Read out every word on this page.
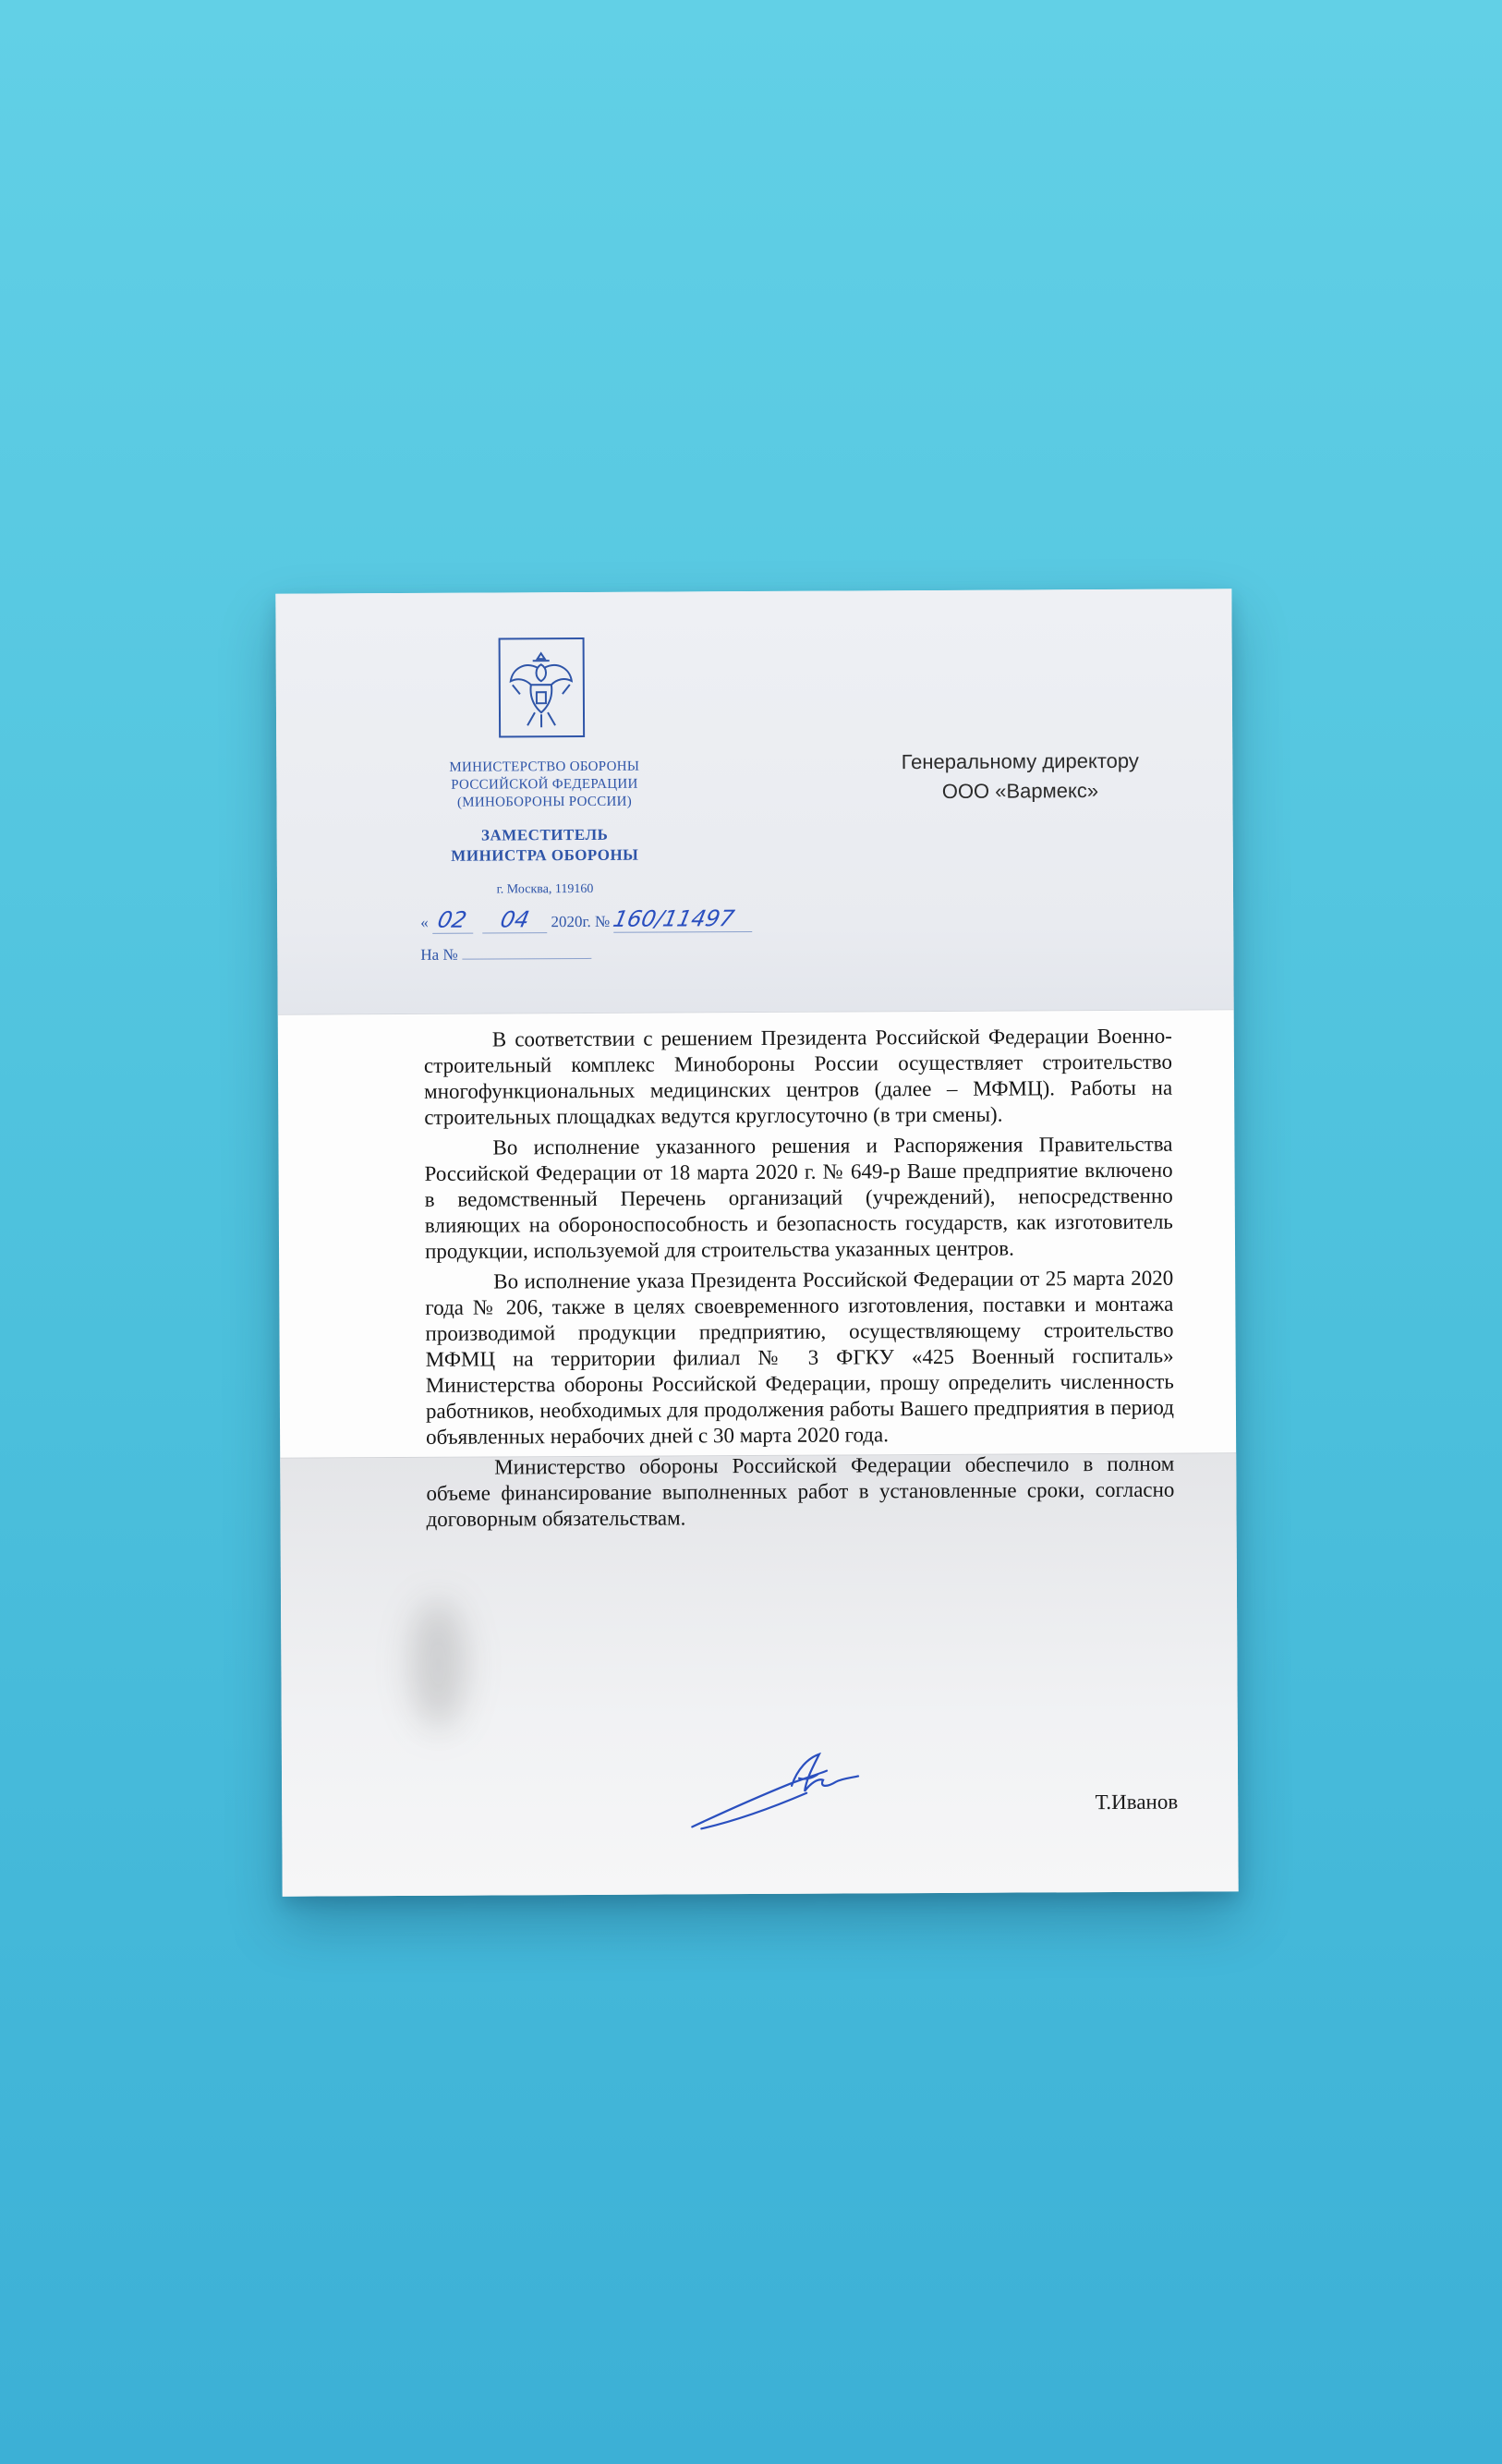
МИНИСТЕРСТВО ОБОРОНЫ
РОССИЙСКОЙ ФЕДЕРАЦИИ
(МИНОБОРОНЫ РОССИИ)
ЗАМЕСТИТЕЛЬ
МИНИСТРА ОБОРОНЫ
г. Москва, 119160
« 02 04 2020г. № 160/11497
На №
Генеральному директору
ООО «Вармекс»

В соответствии с решением Президента Российской Федерации Военно-строительный комплекс Минобороны России осуществляет строительство многофункциональных медицинских центров (далее – МФМЦ). Работы на строительных площадках ведутся круглосуточно (в три смены).

Во исполнение указанного решения и Распоряжения Правительства Российской Федерации от 18 марта 2020 г. № 649-р Ваше предприятие включено в ведомственный Перечень организаций (учреждений), непосредственно влияющих на обороноспособность и безопасность государств, как изготовитель продукции, используемой для строительства указанных центров.

Во исполнение указа Президента Российской Федерации от 25 марта 2020 года № 206, также в целях своевременного изготовления, поставки и монтажа производимой продукции предприятию, осуществляющему строительство МФМЦ на территории филиал № 3 ФГКУ «425 Военный госпиталь» Министерства обороны Российской Федерации, прошу определить численность работников, необходимых для продолжения работы Вашего предприятия в период объявленных нерабочих дней с 30 марта 2020 года.

Министерство обороны Российской Федерации обеспечило в полном объеме финансирование выполненных работ в установленные сроки, согласно договорным обязательствам.

Т.Иванов
